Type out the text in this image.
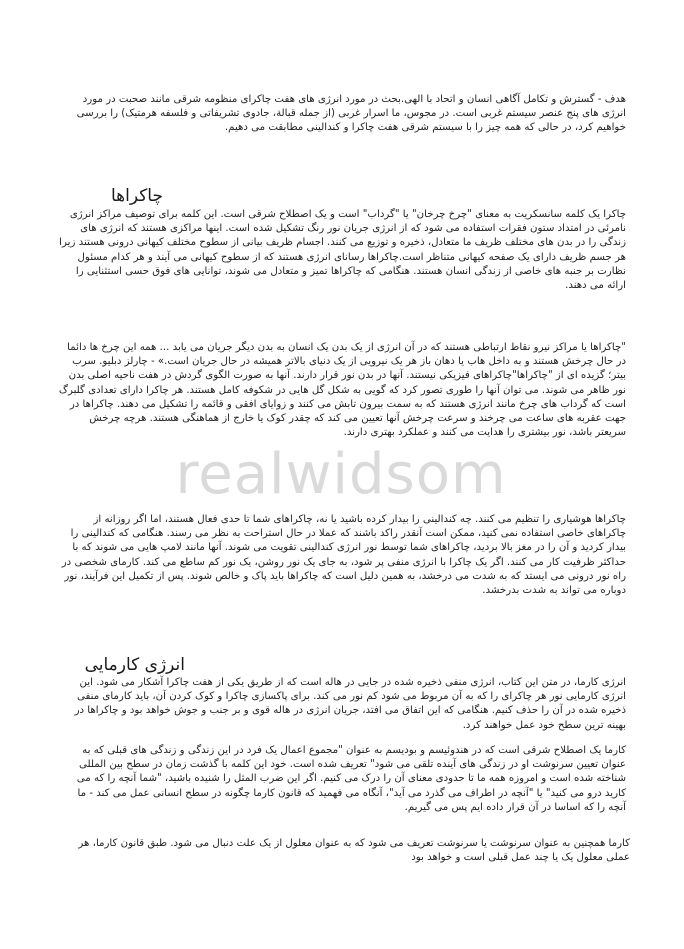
realwidsom

هدف - گسترش و تکامل آگاهی انسان و اتحاد با الهی.بحث در مورد انرژی های هفت چاکرای منظومه شرقی مانند صحبت در مورد انرژی های پنج عنصر سیستم غربی است. در مجوس، ما اسرار غربی (از جمله قبالة، جادوی تشریفاتی و فلسفه هرمتیک) را بررسی خواهیم کرد، در حالی که همه چیز را با سیستم شرقی هفت چاکرا و کندالینی مطابقت می دهیم.

چاکراها

چاکرا یک کلمه سانسکریت به معنای "چرخ چرخان" یا "گرداب" است و یک اصطلاح شرقی است. این کلمه برای توصیف مراکز انرژی نامرئی در امتداد ستون فقرات استفاده می شود که از انرژی جریان نور رنگ تشکیل شده است. اینها مراکزی هستند که انرژی های زندگی را در بدن های مختلف ظریف ما متعادل، ذخیره و توزیع می کنند. اجسام ظریف بیانی از سطوح مختلف کیهانی درونی هستند زیرا هر جسم ظریف دارای یک صفحه کیهانی متناظر است.چاکراها رسانای انرژی هستند که از سطوح کیهانی می آیند و هر کدام مسئول نظارت بر جنبه های خاصی از زندگی انسان هستند. هنگامی که چاکراها تمیز و متعادل می شوند، توانایی های فوق حسی استثنایی را ارائه می دهند.

"چاکراها یا مراکز نیرو نقاط ارتباطی هستند که در آن انرژی از یک بدن یک انسان به بدن دیگر جریان می یابد ... همه این چرخ ها دائما در حال چرخش هستند و به داخل هاب یا دهان باز هر یک نیرویی از یک دنیای بالاتر همیشه در حال جریان است.» - چارلز دبلیو. سرب بیتر؛ گزیده ای از "چاکراها"چاکراهای فیزیکی نیستند. آنها در بدن نور قرار دارند. آنها به صورت الگوی گردش در هفت ناحیه اصلی بدن نور ظاهر می شوند. می توان آنها را طوری تصور کرد که گویی به شکل گل هایی در شکوفه کامل هستند. هر چاکرا دارای تعدادی گلبرگ است که گرداب های چرخ مانند انرژی هستند که به سمت بیرون تابش می کنند و زوایای افقی و قائمه را تشکیل می دهند. چاکراها در جهت عقربه های ساعت می چرخند و سرعت چرخش آنها تعیین می کند که چقدر کوک یا خارج از هماهنگی هستند. هرچه چرخش سریعتر باشد، نور بیشتری را هدایت می کنند و عملکرد بهتری دارند.

چاکراها هوشیاری را تنظیم می کنند. چه کندالینی را بیدار کرده باشید یا نه، چاکراهای شما تا حدی فعال هستند، اما اگر روزانه از چاکراهای خاصی استفاده نمی کنید، ممکن است آنقدر راکد باشند که عملا در حال استراحت به نظر می رسند. هنگامی که کندالینی را بیدار کردید و آن را در مغز بالا بردید، چاکراهای شما توسط نور انرژی کندالینی تقویت می شوند. آنها مانند لامپ هایی می شوند که با حداکثر ظرفیت کار می کنند. اگر یک چاکرا با انرژی منفی پر شود، به جای یک نور روشن، یک نور کم ساطع می کند. کارمای شخصی در راه نور درونی می ایستد که به شدت می درخشد، به همین دلیل است که چاکراها باید پاک و خالص شوند. پس از تکمیل این فرآیند، نور دوباره می تواند به شدت بدرخشد.

انرژی کارمایی

انرژی کارما، در متن این کتاب، انرژی منفی ذخیره شده در جایی در هاله است که از طریق یکی از هفت چاکرا آشکار می شود. این انرژی کارمایی نور هر چاکرای را که به آن مربوط می شود کم نور می کند. برای پاکسازی چاکرا و کوک کردن آن، باید کارمای منفی ذخیره شده در آن را حذف کنیم. هنگامی که این اتفاق می افتد، جریان انرژی در هاله قوی و بر جنب و جوش خواهد بود و چاکراها در بهینه ترین سطح خود عمل خواهند کرد.

کارما یک اصطلاح شرقی است که در هندوئیسم و بودیسم به عنوان "مجموع اعمال یک فرد در این زندگی و زندگی های قبلی که به عنوان تعیین سرنوشت او در زندگی های آینده تلقی می شود" تعریف شده است. خود این کلمه با گذشت زمان در سطح بین المللی شناخته شده است و امروزه همه ما تا حدودی معنای آن را درک می کنیم. اگر این ضرب المثل را شنیده باشید، "شما آنچه را که می کارید درو می کنید" یا "آنچه در اطراف می گذرد می آید"، آنگاه می فهمید که قانون کارما چگونه در سطح انسانی عمل می کند - ما آنچه را که اساسا در آن قرار داده ایم پس می گیریم.

کارما همچنین به عنوان سرنوشت یا سرنوشت تعریف می شود که به عنوان معلول از یک علت دنبال می شود. طبق قانون کارما، هر عملی معلول یک یا چند عمل قبلی است و خواهد بود
